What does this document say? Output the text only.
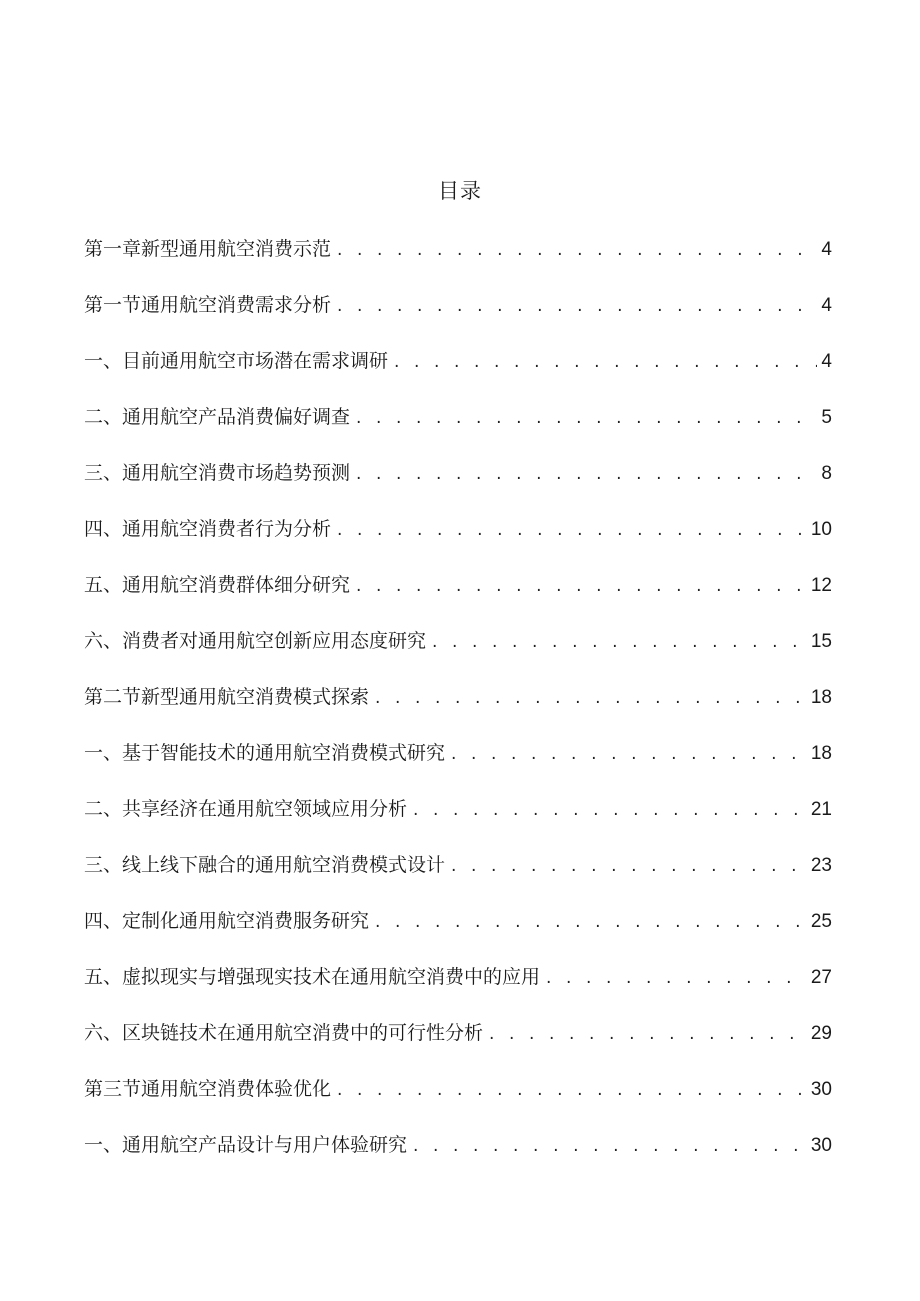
目录
第一章新型通用航空消费示范 . . .	4
第一节通用航空消费需求分析 . . .	4
一、目前通用航空市场潜在需求调研 . . .	4
二、通用航空产品消费偏好调查 . . .	5
三、通用航空消费市场趋势预测 . . .	8
四、通用航空消费者行为分析 . . .	10
五、通用航空消费群体细分研究 . . .	12
六、消费者对通用航空创新应用态度研究 . . .	15
第二节新型通用航空消费模式探索 . . .	18
一、基于智能技术的通用航空消费模式研究 . . .	18
二、共享经济在通用航空领域应用分析 . . .	21
三、线上线下融合的通用航空消费模式设计 . . .	23
四、定制化通用航空消费服务研究 . . .	25
五、虚拟现实与增强现实技术在通用航空消费中的应用 . . .	27
六、区块链技术在通用航空消费中的可行性分析 . . .	29
第三节通用航空消费体验优化 . . .	30
一、通用航空产品设计与用户体验研究 . . .	30
